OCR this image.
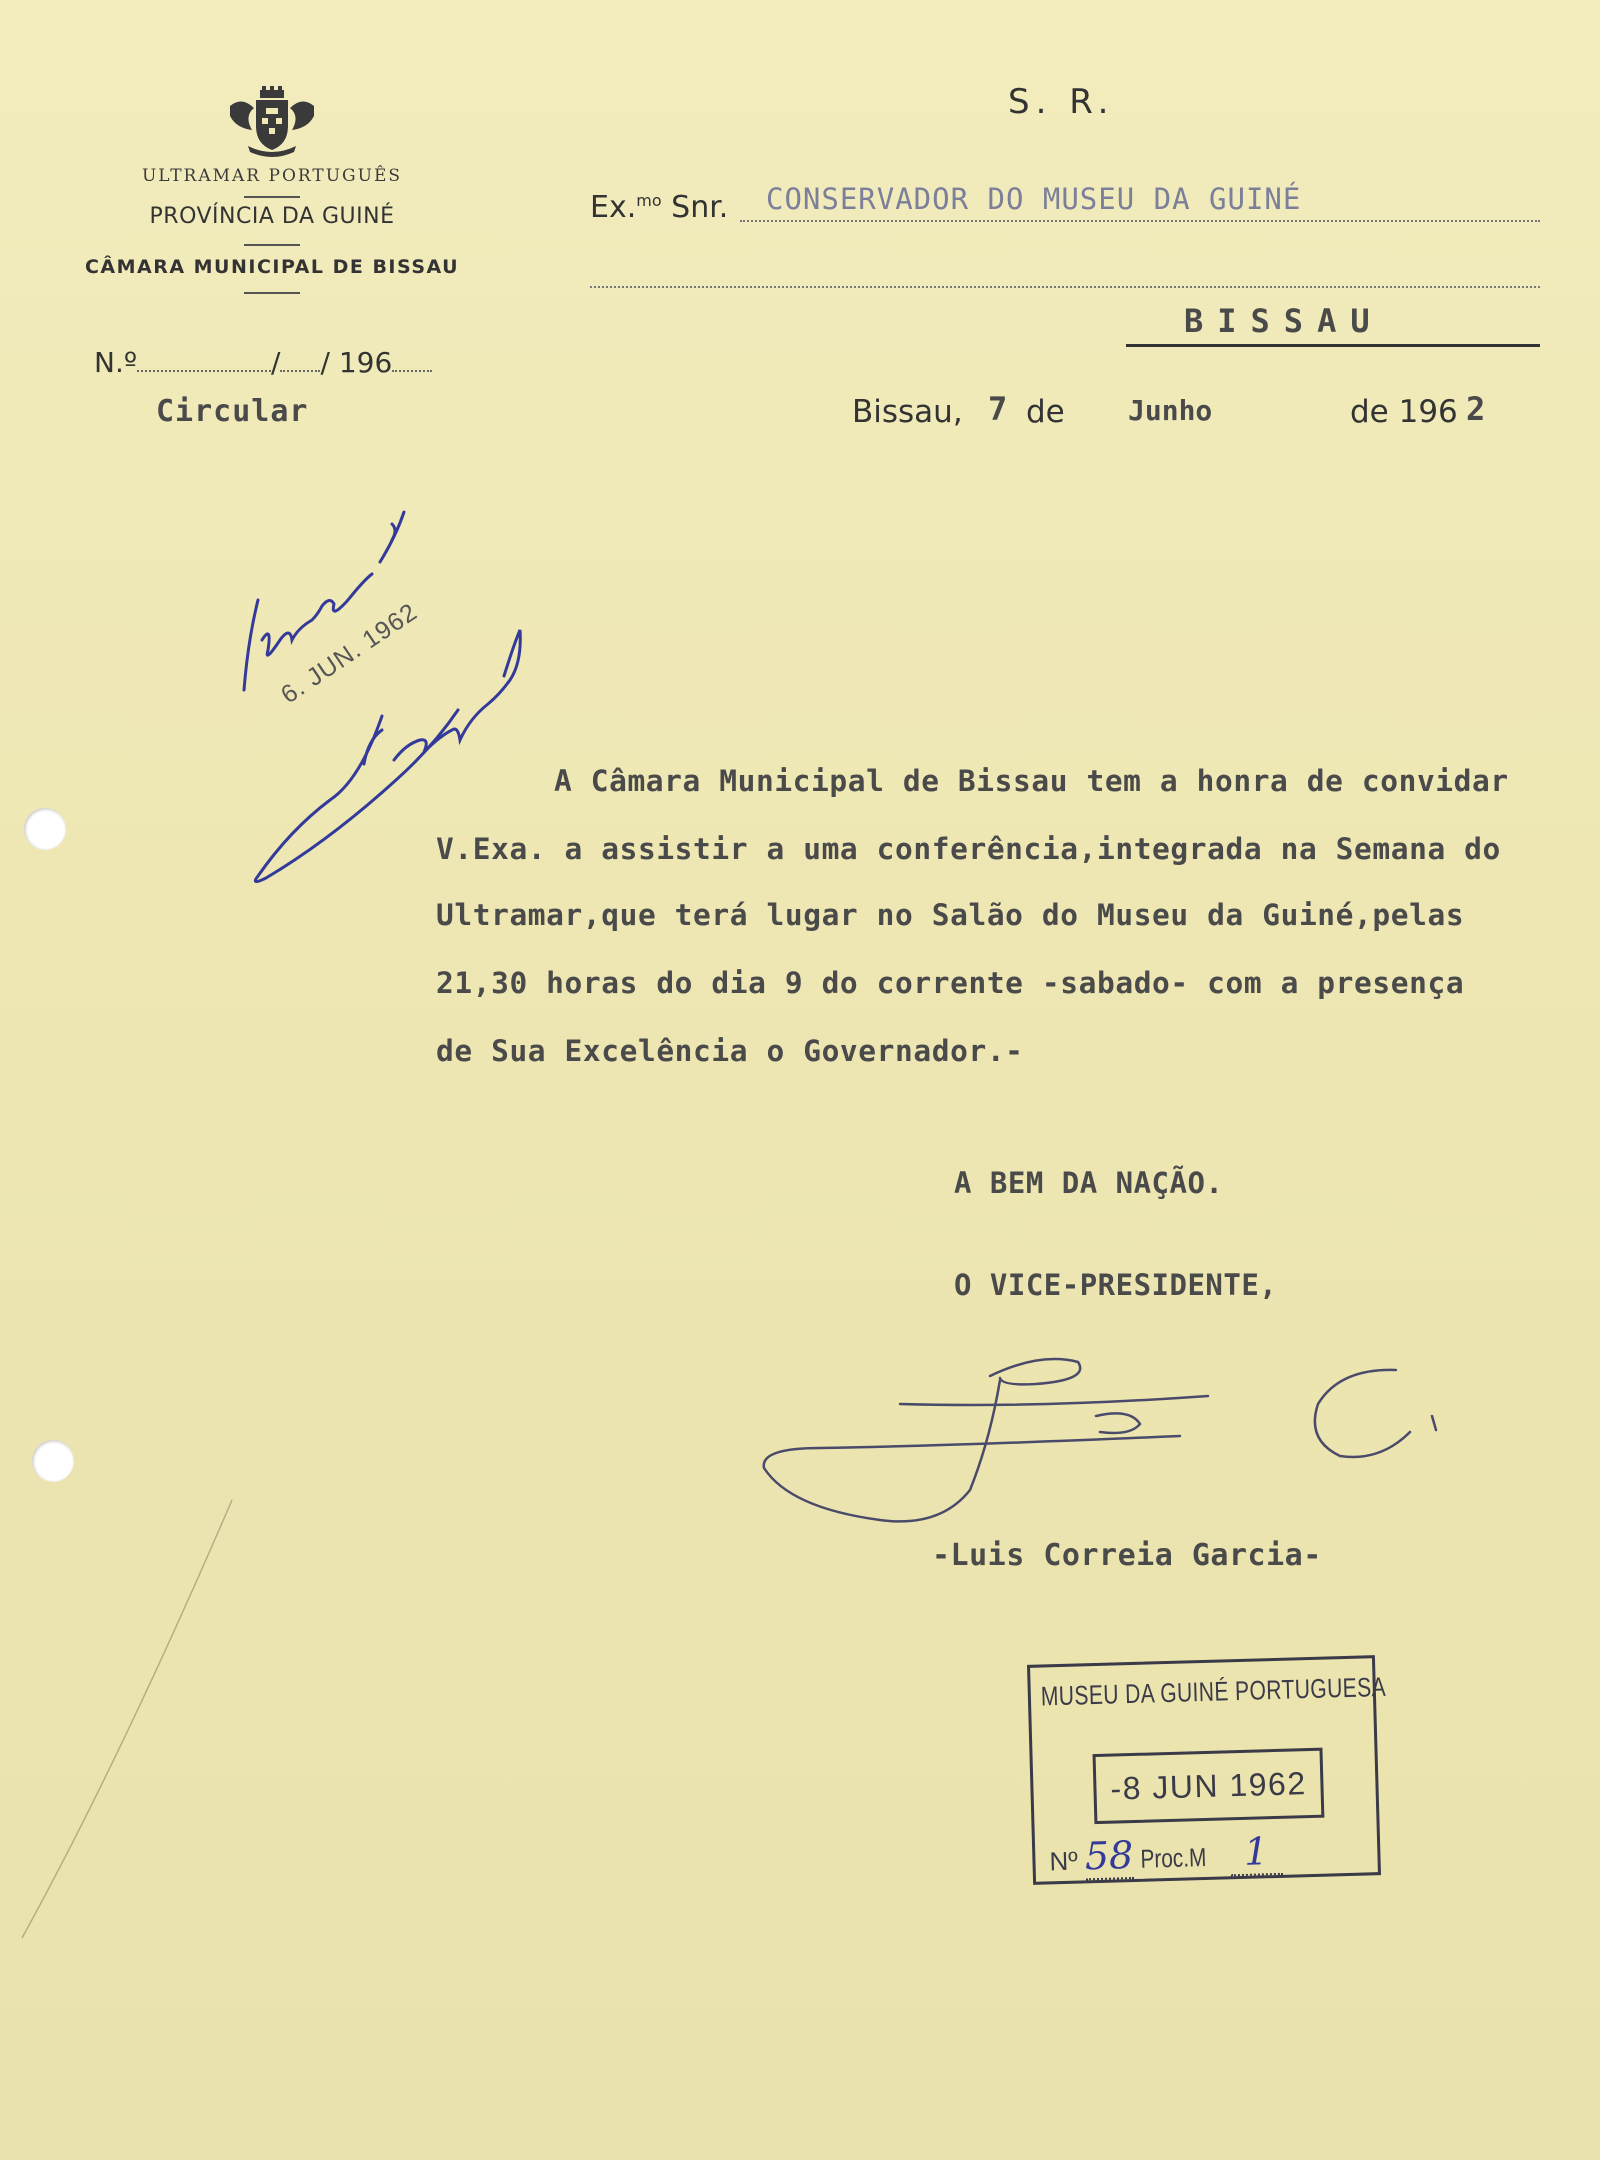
ULTRAMAR PORTUGUÊS
PROVÍNCIA DA GUINÉ
CÂMARA MUNICIPAL DE BISSAU
N.º	/ / 196
Circular
S. R.
Ex.$^{mo}$ Snr. CONSERVADOR DO MUSEU DA GUINÉ
BISSAU
Bissau, 7 de Junho	de 196 2
A Câmara Municipal de Bissau tem a honra de convidar
V.Exa. a assistir a uma conferência,integrada na Semana do
Ultramar,que terá lugar no Salão do Museu da Guiné,pelas
21,30 horas do dia 9 do corrente -sabado- com a presença
de Sua Excelência o Governador.-
A BEM DA NAÇÃO.
O VICE-PRESIDENTE,
-Luis Correia Garcia-
6. JUN. 1962
MUSEU DA GUINÉ PORTUGUESA
-8 JUN 1962
Nº 58 Proc.M 1
